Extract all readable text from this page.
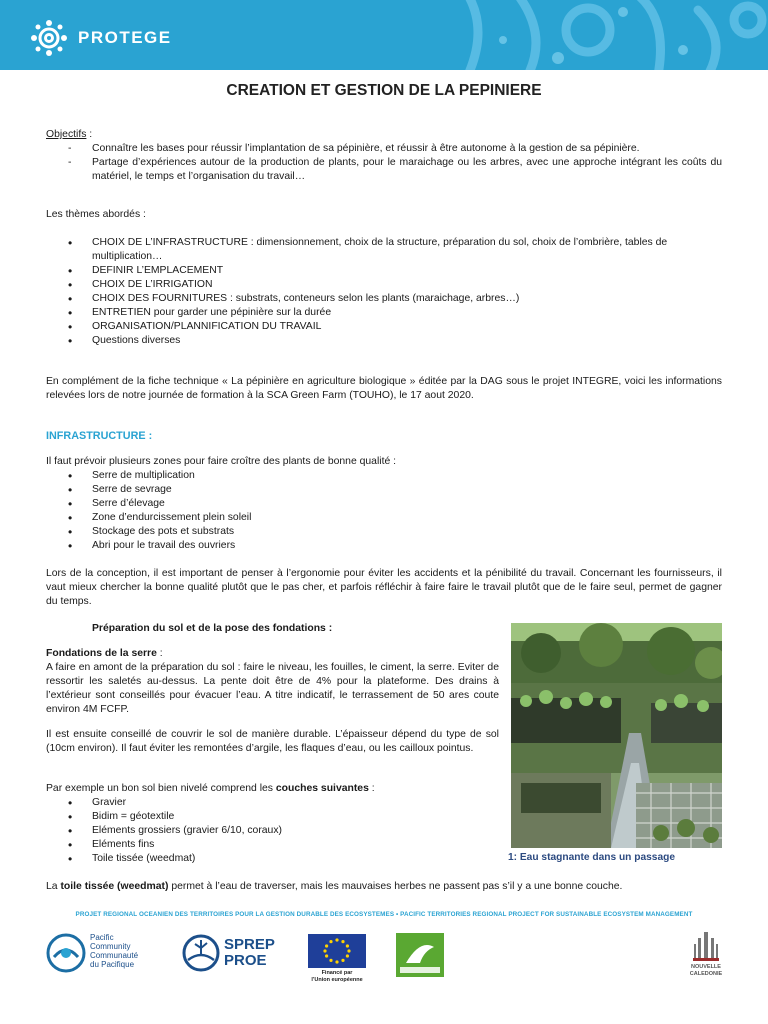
PROTEGE
CREATION ET GESTION DE LA PEPINIERE
Objectifs :
- Connaître les bases pour réussir l’implantation de sa pépinière, et réussir à être autonome à la gestion de sa pépinière.
- Partage d’expériences autour de la production de plants, pour le maraichage ou les arbres, avec une approche intégrant les coûts du matériel, le temps et l’organisation du travail…
Les thèmes abordés :
• CHOIX DE L’INFRASTRUCTURE : dimensionnement, choix de la structure, préparation du sol, choix de l’ombrière, tables de multiplication…
• DEFINIR L’EMPLACEMENT
• CHOIX DE L’IRRIGATION
• CHOIX DES FOURNITURES : substrats, conteneurs selon les plants (maraichage, arbres…)
• ENTRETIEN pour garder une pépinière sur la durée
• ORGANISATION/PLANNIFICATION DU TRAVAIL
• Questions diverses
En complément de la fiche technique « La pépinière en agriculture biologique » éditée par la DAG sous le projet INTEGRE, voici les informations relevées lors de notre journée de formation à la SCA Green Farm (TOUHO), le 17 aout 2020.
INFRASTRUCTURE :
Il faut prévoir plusieurs zones pour faire croître des plants de bonne qualité :
• Serre de multiplication
• Serre de sevrage
• Serre d’élevage
• Zone d’endurcissement plein soleil
• Stockage des pots et substrats
• Abri pour le travail des ouvriers
Lors de la conception, il est important de penser à l’ergonomie pour éviter les accidents et la pénibilité du travail. Concernant les fournisseurs, il vaut mieux chercher la bonne qualité plutôt que le pas cher, et parfois réfléchir à faire faire le travail plutôt que de le faire seul, permet de gagner du temps.
Préparation du sol et de la pose des fondations :
Fondations de la serre :
A faire en amont de la préparation du sol : faire le niveau, les fouilles, le ciment, la serre. Eviter de ressortir les saletés au-dessus. La pente doit être de 4% pour la plateforme. Des drains à l’extérieur sont conseillés pour évacuer l’eau. A titre indicatif, le terrassement de 50 ares coute environ 4M FCFP.
Il est ensuite conseillé de couvrir le sol de manière durable. L’épaisseur dépend du type de sol (10cm environ). Il faut éviter les remontées d’argile, les flaques d’eau, ou les cailloux pointus.
Par exemple un bon sol bien nivelé comprend les couches suivantes :
• Gravier
• Bidim = géotextile
• Eléments grossiers (gravier 6/10, coraux)
• Eléments fins
• Toile tissée (weedmat)
La toile tissée (weedmat) permet à l’eau de traverser, mais les mauvaises herbes ne passent pas s’il y a une bonne couche.
1: Eau stagnante dans un passage
PROJET REGIONAL OCEANIEN DES TERRITOIRES POUR LA GESTION DURABLE DES ECOSYSTEMES • PACIFIC TERRITORIES REGIONAL PROJECT FOR SUSTAINABLE ECOSYSTEM MANAGEMENT
Pacific
Community
Communauté
du Pacifique
SPREP
PROE
Financé par
l’Union européenne
NOUVELLE
CALEDONIE
